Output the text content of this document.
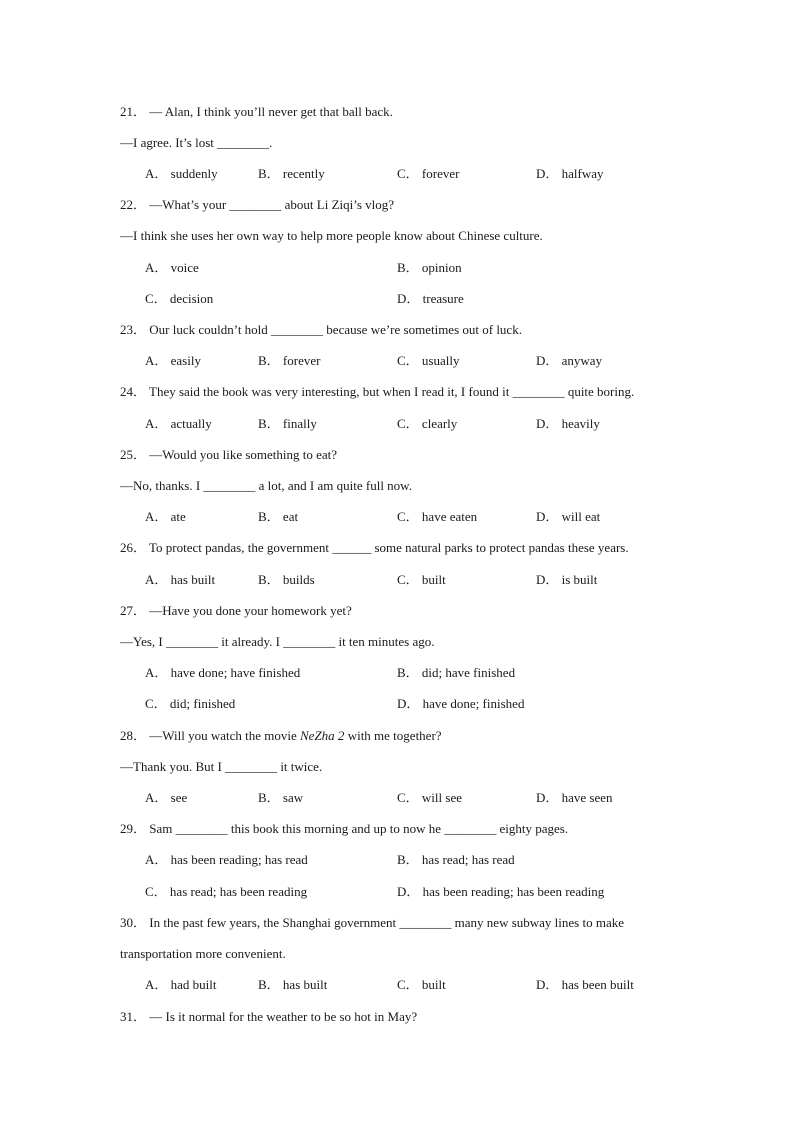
21． — Alan, I think you’ll never get that ball back.
—I agree. It’s lost ________.
A． suddenly	B． recently	C． forever	D． halfway
22． —What’s your ________ about Li Ziqi’s vlog?
—I think she uses her own way to help more people know about Chinese culture.
A． voice	B． opinion
C． decision	D． treasure
23． Our luck couldn’t hold ________ because we’re sometimes out of luck.
A． easily	B． forever	C． usually	D． anyway
24． They said the book was very interesting, but when I read it, I found it ________ quite boring.
A． actually	B． finally	C． clearly	D． heavily
25． —Would you like something to eat?
—No, thanks. I ________ a lot, and I am quite full now.
A． ate	B． eat	C． have eaten	D． will eat
26． To protect pandas, the government ______ some natural parks to protect pandas these years.
A． has built	B． builds	C． built	D． is built
27． —Have you done your homework yet?
—Yes, I ________ it already. I ________ it ten minutes ago.
A． have done; have finished	B． did; have finished
C． did; finished	D． have done; finished
28． —Will you watch the movie NeZha 2 with me together?
—Thank you. But I ________ it twice.
A． see	B． saw	C． will see	D． have seen
29． Sam ________ this book this morning and up to now he ________ eighty pages.
A． has been reading; has read	B． has read; has read
C． has read; has been reading	D． has been reading; has been reading
30． In the past few years, the Shanghai government ________ many new subway lines to make
transportation more convenient.
A． had built	B． has built	C． built	D． has been built
31． — Is it normal for the weather to be so hot in May?
